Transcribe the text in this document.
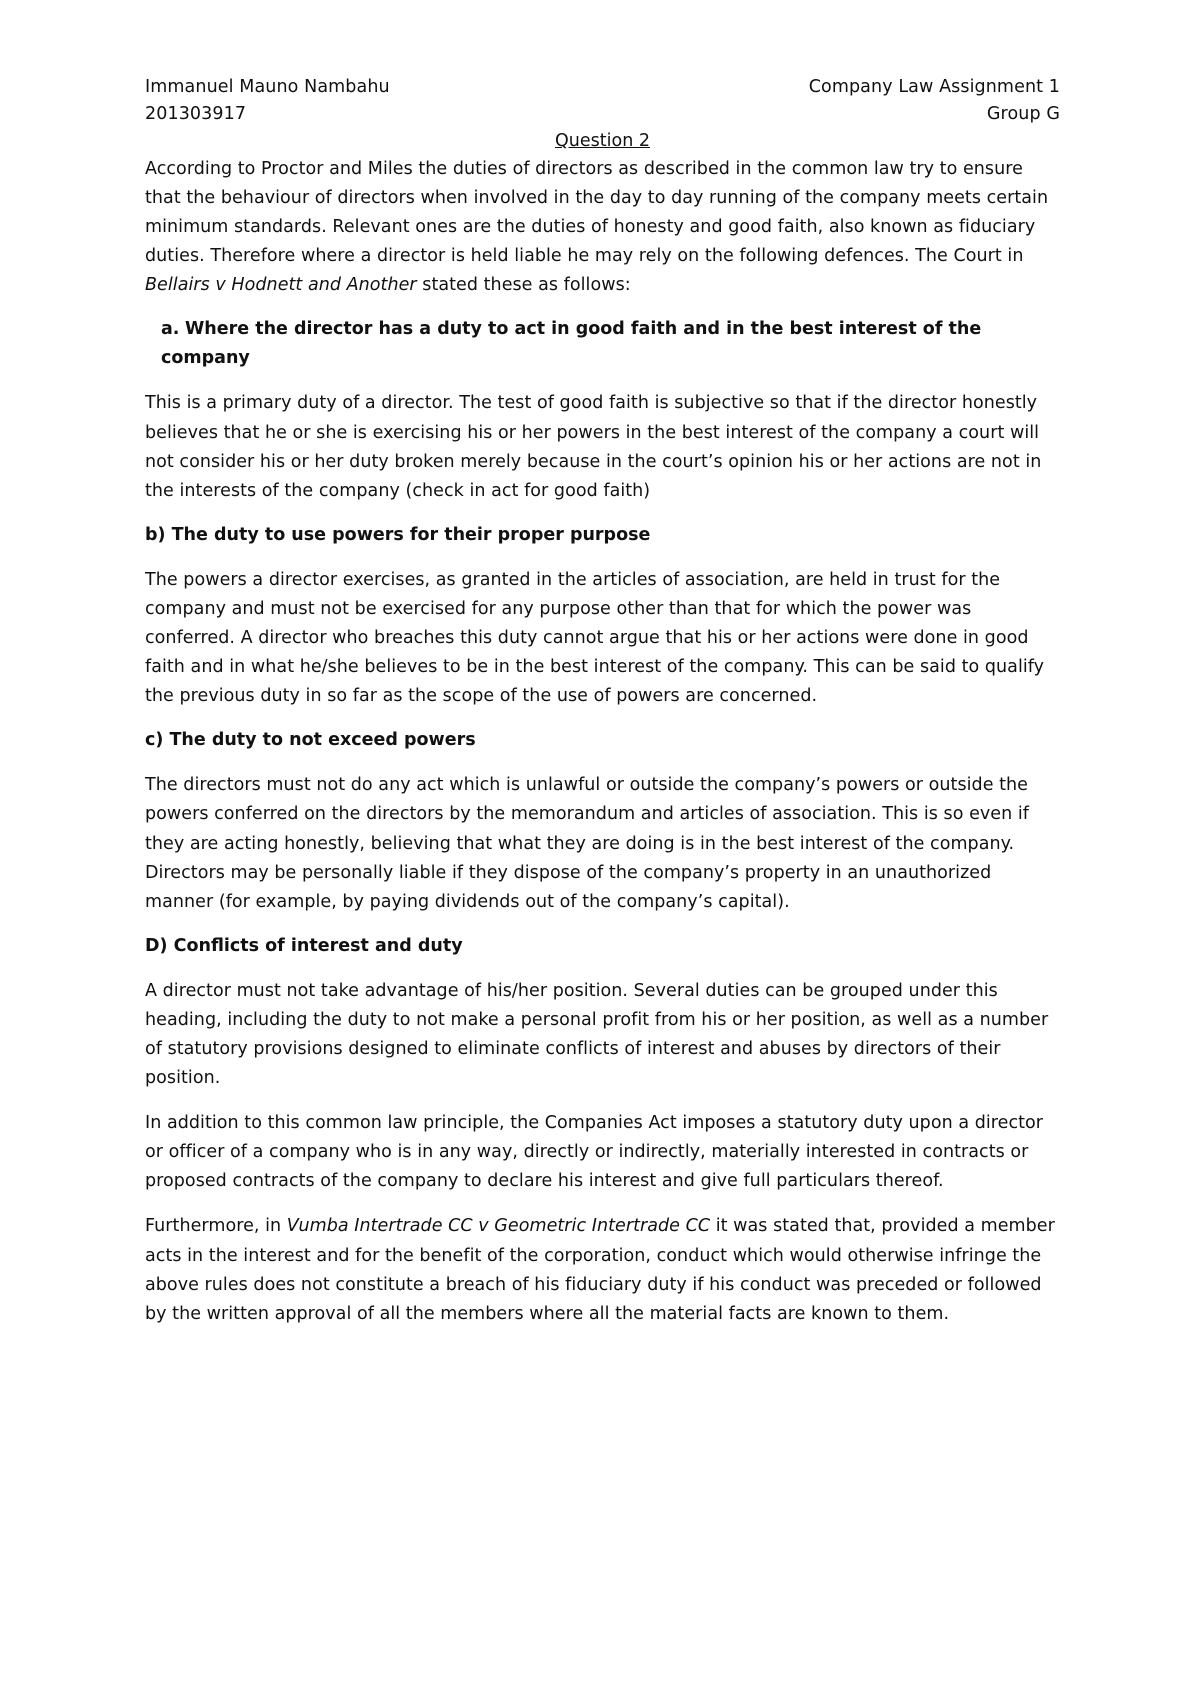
Immanuel Mauno Nambahu	Company Law Assignment 1
201303917	Group G
Question 2

According to Proctor and Miles the duties of directors as described in the common law try to ensure that the behaviour of directors when involved in the day to day running of the company meets certain minimum standards. Relevant ones are the duties of honesty and good faith, also known as fiduciary duties. Therefore where a director is held liable he may rely on the following defences. The Court in Bellairs v Hodnett and Another stated these as follows:

a. Where the director has a duty to act in good faith and in the best interest of the company

This is a primary duty of a director. The test of good faith is subjective so that if the director honestly believes that he or she is exercising his or her powers in the best interest of the company a court will not consider his or her duty broken merely because in the court’s opinion his or her actions are not in the interests of the company (check in act for good faith)

b) The duty to use powers for their proper purpose

The powers a director exercises, as granted in the articles of association, are held in trust for the company and must not be exercised for any purpose other than that for which the power was conferred. A director who breaches this duty cannot argue that his or her actions were done in good faith and in what he/she believes to be in the best interest of the company. This can be said to qualify the previous duty in so far as the scope of the use of powers are concerned.

c) The duty to not exceed powers

The directors must not do any act which is unlawful or outside the company’s powers or outside the powers conferred on the directors by the memorandum and articles of association. This is so even if they are acting honestly, believing that what they are doing is in the best interest of the company. Directors may be personally liable if they dispose of the company’s property in an unauthorized manner (for example, by paying dividends out of the company’s capital).

D) Conflicts of interest and duty

A director must not take advantage of his/her position. Several duties can be grouped under this heading, including the duty to not make a personal profit from his or her position, as well as a number of statutory provisions designed to eliminate conflicts of interest and abuses by directors of their position.

In addition to this common law principle, the Companies Act imposes a statutory duty upon a director or officer of a company who is in any way, directly or indirectly, materially interested in contracts or proposed contracts of the company to declare his interest and give full particulars thereof.

Furthermore, in Vumba Intertrade CC v Geometric Intertrade CC it was stated that, provided a member acts in the interest and for the benefit of the corporation, conduct which would otherwise infringe the above rules does not constitute a breach of his fiduciary duty if his conduct was preceded or followed by the written approval of all the members where all the material facts are known to them.
